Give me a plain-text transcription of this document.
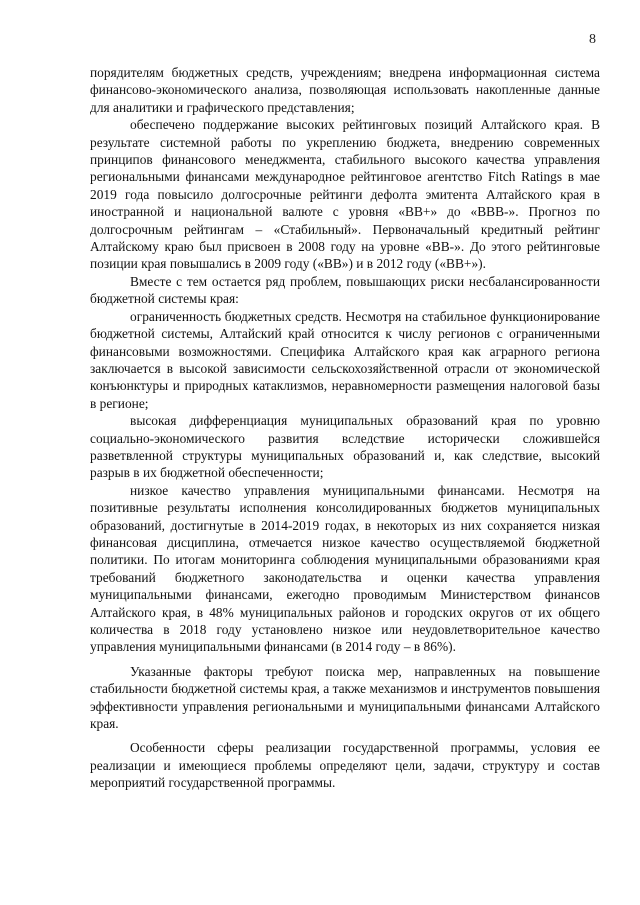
8

порядителям бюджетных средств, учреждениям; внедрена информационная система финансово-экономического анализа, позволяющая использовать накопленные данные для аналитики и графического представления;

обеспечено поддержание высоких рейтинговых позиций Алтайского края. В результате системной работы по укреплению бюджета, внедрению современных принципов финансового менеджмента, стабильного высокого качества управления региональными финансами международное рейтинговое агентство Fitch Ratings в мае 2019 года повысило долгосрочные рейтинги дефолта эмитента Алтайского края в иностранной и национальной валюте с уровня «BB+» до «BBB-». Прогноз по долгосрочным рейтингам – «Стабильный». Первоначальный кредитный рейтинг Алтайскому краю был присвоен в 2008 году на уровне «BB-». До этого рейтинговые позиции края повышались в 2009 году («BB») и в 2012 году («BB+»).

Вместе с тем остается ряд проблем, повышающих риски несбалансированности бюджетной системы края:

ограниченность бюджетных средств. Несмотря на стабильное функционирование бюджетной системы, Алтайский край относится к числу регионов с ограниченными финансовыми возможностями. Специфика Алтайского края как аграрного региона заключается в высокой зависимости сельскохозяйственной отрасли от экономической конъюнктуры и природных катаклизмов, неравномерности размещения налоговой базы в регионе;

высокая дифференциация муниципальных образований края по уровню социально-экономического развития вследствие исторически сложившейся разветвленной структуры муниципальных образований и, как следствие, высокий разрыв в их бюджетной обеспеченности;

низкое качество управления муниципальными финансами. Несмотря на позитивные результаты исполнения консолидированных бюджетов муниципальных образований, достигнутые в 2014-2019 годах, в некоторых из них сохраняется низкая финансовая дисциплина, отмечается низкое качество осуществляемой бюджетной политики. По итогам мониторинга соблюдения муниципальными образованиями края требований бюджетного законодательства и оценки качества управления муниципальными финансами, ежегодно проводимым Министерством финансов Алтайского края, в 48% муниципальных районов и городских округов от их общего количества в 2018 году установлено низкое или неудовлетворительное качество управления муниципальными финансами (в 2014 году – в 86%).

Указанные факторы требуют поиска мер, направленных на повышение стабильности бюджетной системы края, а также механизмов и инструментов повышения эффективности управления региональными и муниципальными финансами Алтайского края.

Особенности сферы реализации государственной программы, условия ее реализации и имеющиеся проблемы определяют цели, задачи, структуру и состав мероприятий государственной программы.
